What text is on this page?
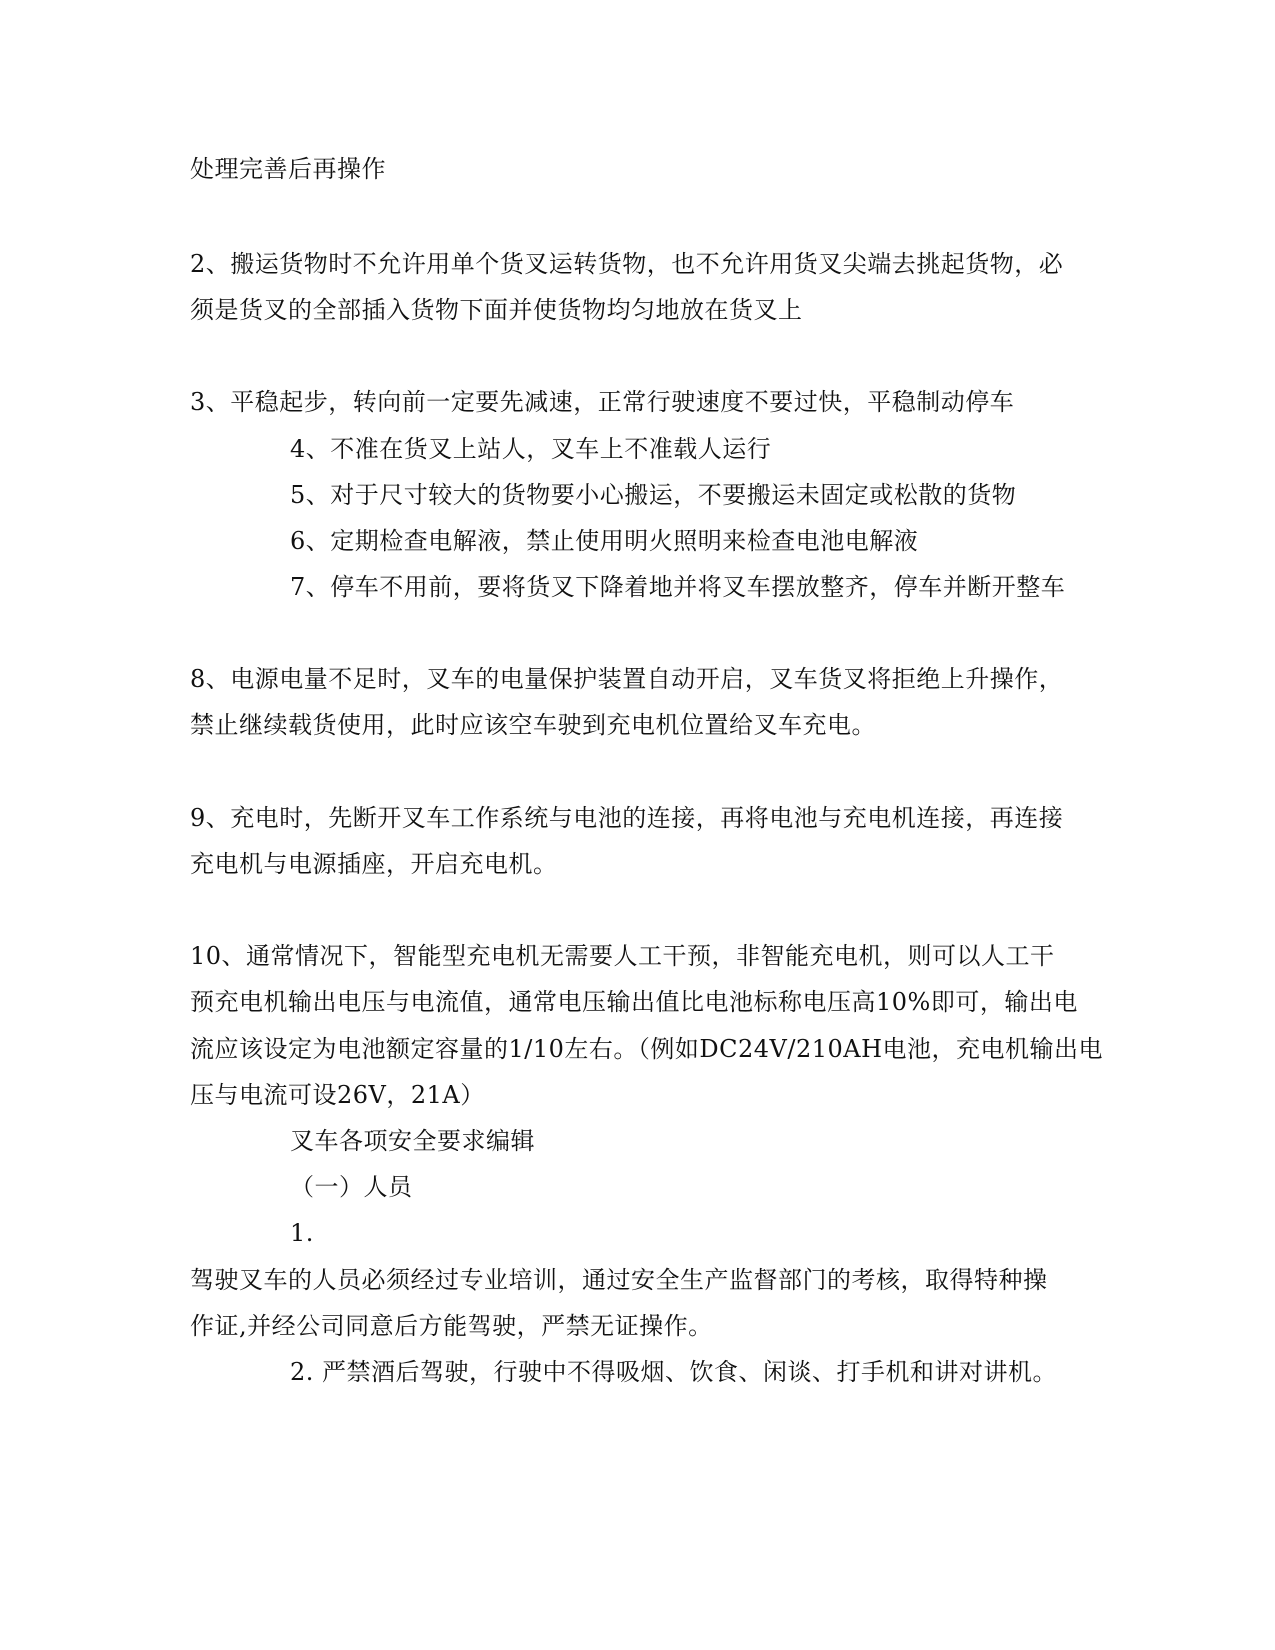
处理完善后再操作
2、搬运货物时不允许用单个货叉运转货物，也不允许用货叉尖端去挑起货物，必
须是货叉的全部插入货物下面并使货物均匀地放在货叉上
3、平稳起步，转向前一定要先减速，正常行驶速度不要过快，平稳制动停车
4、不准在货叉上站人，叉车上不准载人运行
5、对于尺寸较大的货物要小心搬运，不要搬运未固定或松散的货物
6、定期检查电解液，禁止使用明火照明来检查电池电解液
7、停车不用前，要将货叉下降着地并将叉车摆放整齐，停车并断开整车
8、电源电量不足时，叉车的电量保护装置自动开启，叉车货叉将拒绝上升操作，
禁止继续载货使用，此时应该空车驶到充电机位置给叉车充电。
9、充电时，先断开叉车工作系统与电池的连接，再将电池与充电机连接，再连接
充电机与电源插座，开启充电机。
10、通常情况下，智能型充电机无需要人工干预，非智能充电机，则可以人工干
预充电机输出电压与电流值，通常电压输出值比电池标称电压高10%即可，输出电
流应该设定为电池额定容量的1/10左右。（例如DC24V/210AH电池，充电机输出电
压与电流可设26V，21A）
叉车各项安全要求编辑
（一）人员
1.
驾驶叉车的人员必须经过专业培训，通过安全生产监督部门的考核，取得特种操
作证,并经公司同意后方能驾驶，严禁无证操作。
2. 严禁酒后驾驶，行驶中不得吸烟、饮食、闲谈、打手机和讲对讲机。
